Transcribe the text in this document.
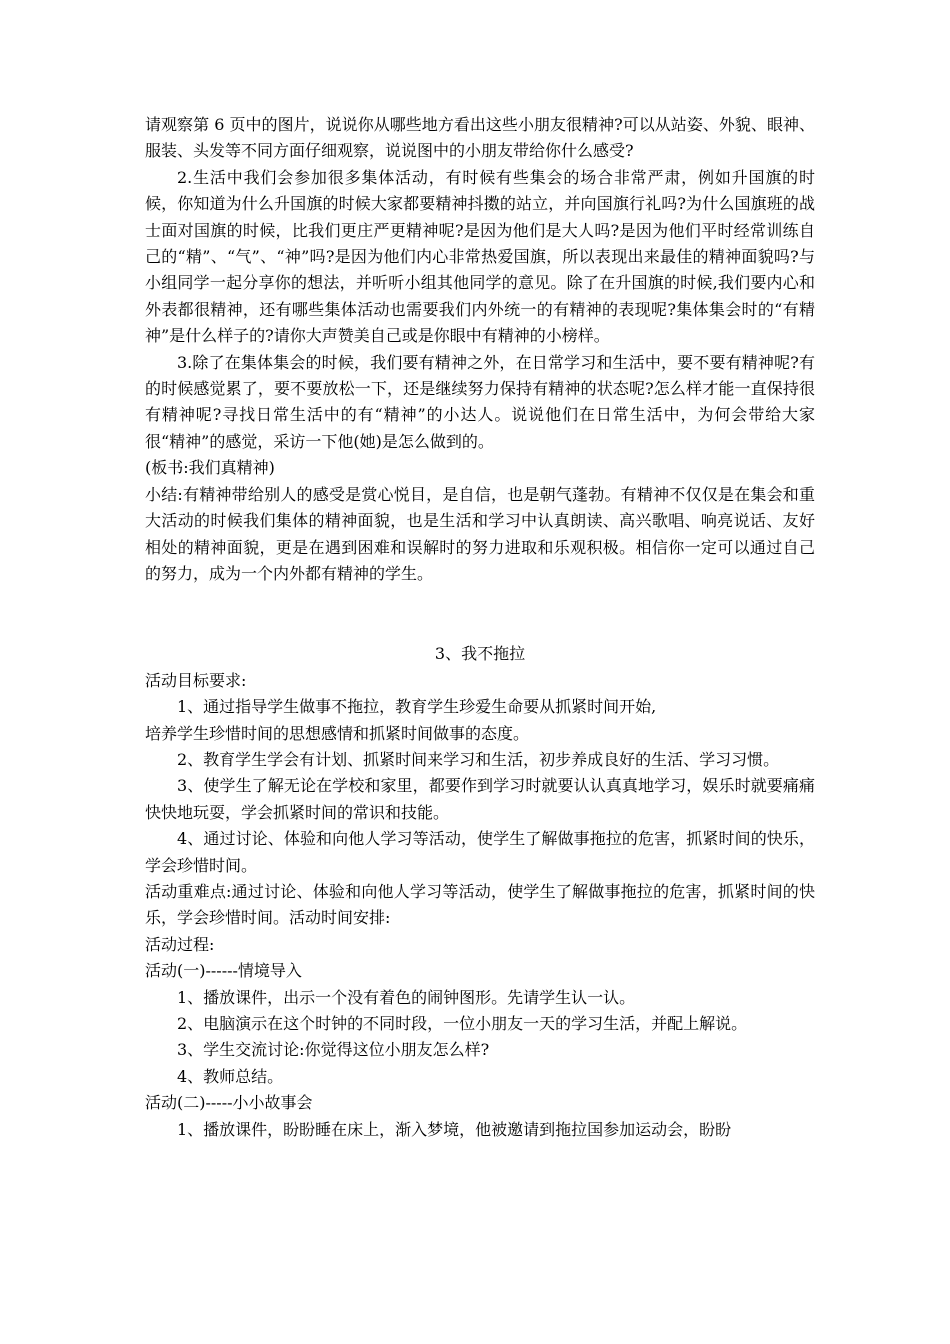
请观察第 6 页中的图片，说说你从哪些地方看出这些小朋友很精神?可以从站姿、外貌、眼神、服装、头发等不同方面仔细观察，说说图中的小朋友带给你什么感受?

2.生活中我们会参加很多集体活动，有时候有些集会的场合非常严肃，例如升国旗的时候，你知道为什么升国旗的时候大家都要精神抖擞的站立，并向国旗行礼吗?为什么国旗班的战士面对国旗的时候，比我们更庄严更精神呢?是因为他们是大人吗?是因为他们平时经常训练自己的“精”、“气”、“神”吗?是因为他们内心非常热爱国旗，所以表现出来最佳的精神面貌吗?与小组同学一起分享你的想法，并听听小组其他同学的意见。除了在升国旗的时候,我们要内心和外表都很精神，还有哪些集体活动也需要我们内外统一的有精神的表现呢?集体集会时的“有精神”是什么样子的?请你大声赞美自己或是你眼中有精神的小榜样。

3.除了在集体集会的时候，我们要有精神之外，在日常学习和生活中，要不要有精神呢?有的时候感觉累了，要不要放松一下，还是继续努力保持有精神的状态呢?怎么样才能一直保持很有精神呢?寻找日常生活中的有“精神”的小达人。说说他们在日常生活中，为何会带给大家很“精神”的感觉，采访一下他(她)是怎么做到的。

(板书:我们真精神)

小结:有精神带给别人的感受是赏心悦目，是自信，也是朝气蓬勃。有精神不仅仅是在集会和重大活动的时候我们集体的精神面貌，也是生活和学习中认真朗读、高兴歌唱、响亮说话、友好相处的精神面貌，更是在遇到困难和误解时的努力进取和乐观积极。相信你一定可以通过自己的努力，成为一个内外都有精神的学生。

3、我不拖拉

活动目标要求:

1、通过指导学生做事不拖拉，教育学生珍爱生命要从抓紧时间开始,

培养学生珍惜时间的思想感情和抓紧时间做事的态度。

2、教育学生学会有计划、抓紧时间来学习和生活，初步养成良好的生活、学习习惯。

3、使学生了解无论在学校和家里，都要作到学习时就要认认真真地学习，娱乐时就要痛痛快快地玩耍，学会抓紧时间的常识和技能。

4、通过讨论、体验和向他人学习等活动，使学生了解做事拖拉的危害，抓紧时间的快乐，学会珍惜时间。

活动重难点:通过讨论、体验和向他人学习等活动，使学生了解做事拖拉的危害，抓紧时间的快乐，学会珍惜时间。活动时间安排:

活动过程:

活动(一)------情境导入

1、播放课件，出示一个没有着色的闹钟图形。先请学生认一认。

2、电脑演示在这个时钟的不同时段，一位小朋友一天的学习生活，并配上解说。

3、学生交流讨论:你觉得这位小朋友怎么样?

4、教师总结。

活动(二)-----小小故事会

1、播放课件，盼盼睡在床上，渐入梦境，他被邀请到拖拉国参加运动会，盼盼
